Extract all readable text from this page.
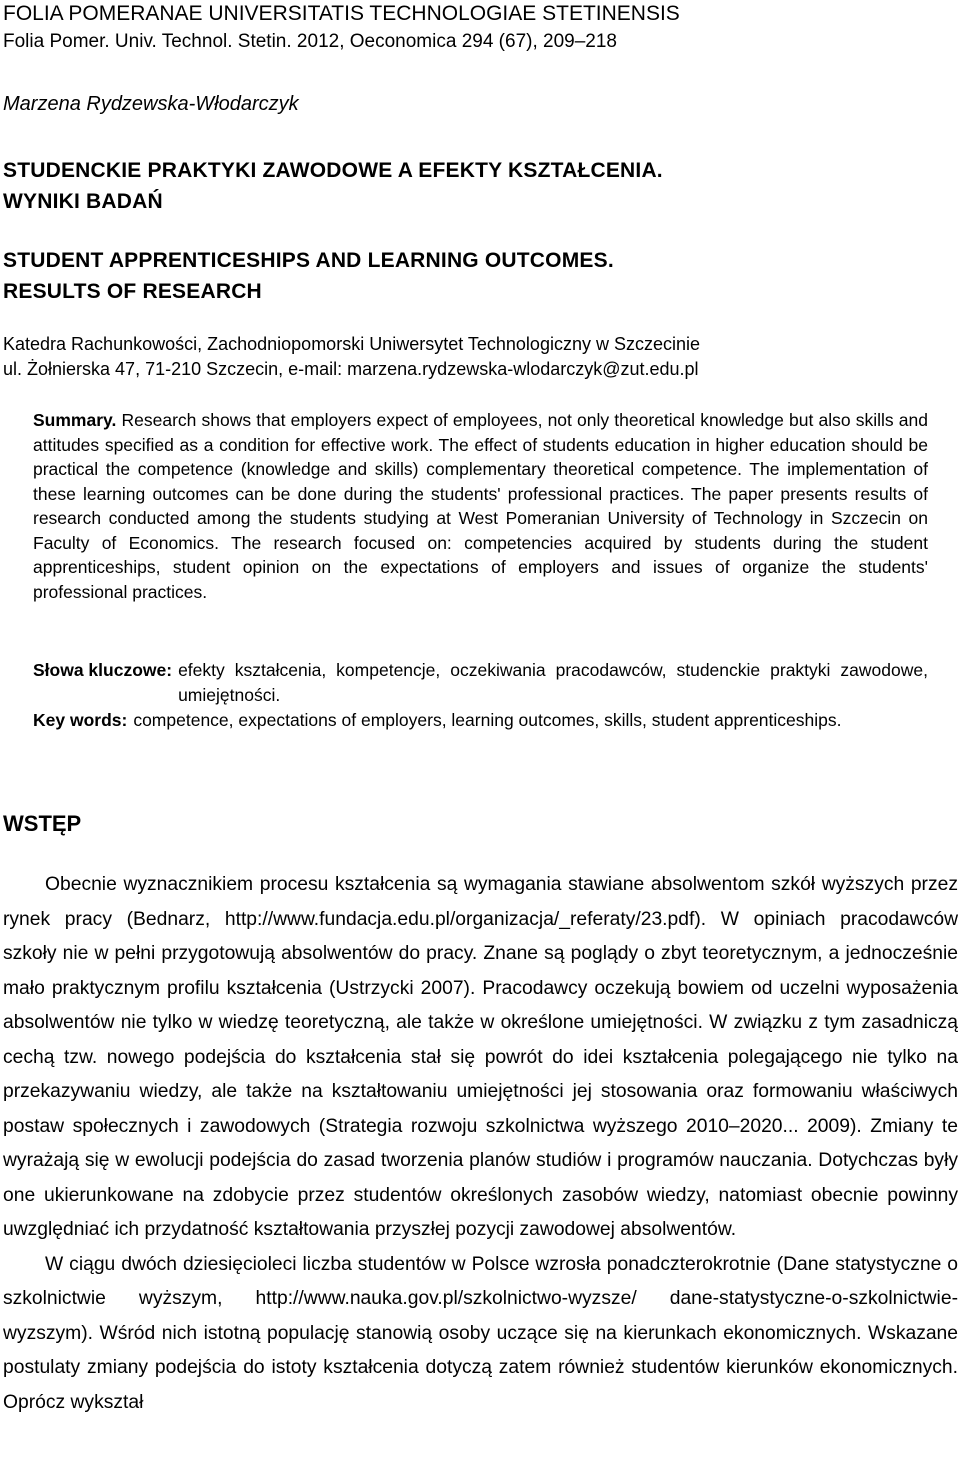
FOLIA POMERANAE UNIVERSITATIS TECHNOLOGIAE STETINENSIS
Folia Pomer. Univ. Technol. Stetin. 2012, Oeconomica 294 (67), 209–218
Marzena Rydzewska-Włodarczyk
STUDENCKIE PRAKTYKI ZAWODOWE A EFEKTY KSZTAŁCENIA.
WYNIKI BADAŃ
STUDENT APPRENTICESHIPS AND LEARNING OUTCOMES.
RESULTS OF RESEARCH
Katedra Rachunkowości, Zachodniopomorski Uniwersytet Technologiczny w Szczecinie
ul. Żołnierska 47, 71-210 Szczecin, e-mail: marzena.rydzewska-wlodarczyk@zut.edu.pl
Summary. Research shows that employers expect of employees, not only theoretical knowledge but also skills and attitudes specified as a condition for effective work. The effect of students education in higher education should be practical the competence (knowledge and skills) complementary theoretical competence. The implementation of these learning outcomes can be done during the students' professional practices. The paper presents results of research conducted among the students studying at West Pomeranian University of Technology in Szczecin on Faculty of Economics. The research focused on: competencies acquired by students during the student apprenticeships, student opinion on the expectations of employers and issues of organize the students' professional practices.
Słowa kluczowe: efekty kształcenia, kompetencje, oczekiwania pracodawców, studenckie praktyki zawodowe, umiejętności.
Key words: competence, expectations of employers, learning outcomes, skills, student apprenticeships.
WSTĘP

Obecnie wyznacznikiem procesu kształcenia są wymagania stawiane absolwentom szkół wyższych przez rynek pracy (Bednarz, http://www.fundacja.edu.pl/organizacja/_referaty/23.pdf). W opiniach pracodawców szkoły nie w pełni przygotowują absolwentów do pracy. Znane są poglądy o zbyt teoretycznym, a jednocześnie mało praktycznym profilu kształcenia (Ustrzycki 2007). Pracodawcy oczekują bowiem od uczelni wyposażenia absolwentów nie tylko w wiedzę teoretyczną, ale także w określone umiejętności. W związku z tym zasadniczą cechą tzw. nowego podejścia do kształcenia stał się powrót do idei kształcenia polegającego nie tylko na przekazywaniu wiedzy, ale także na kształtowaniu umiejętności jej stosowania oraz formowaniu właściwych postaw społecznych i zawodowych (Strategia rozwoju szkolnictwa wyższego 2010–2020... 2009). Zmiany te wyrażają się w ewolucji podejścia do zasad tworzenia planów studiów i programów nauczania. Dotychczas były one ukierunkowane na zdobycie przez studentów określonych zasobów wiedzy, natomiast obecnie powinny uwzględniać ich przydatność kształtowania przyszłej pozycji zawodowej absolwentów.

W ciągu dwóch dziesięcioleci liczba studentów w Polsce wzrosła ponadczterokrotnie (Dane statystyczne o szkolnictwie wyższym, http://www.nauka.gov.pl/szkolnictwo-wyzsze/ dane-statystyczne-o-szkolnictwie-wyzszym). Wśród nich istotną populację stanowią osoby uczące się na kierunkach ekonomicznych. Wskazane postulaty zmiany podejścia do istoty kształcenia dotyczą zatem również studentów kierunków ekonomicznych. Oprócz wykształ
